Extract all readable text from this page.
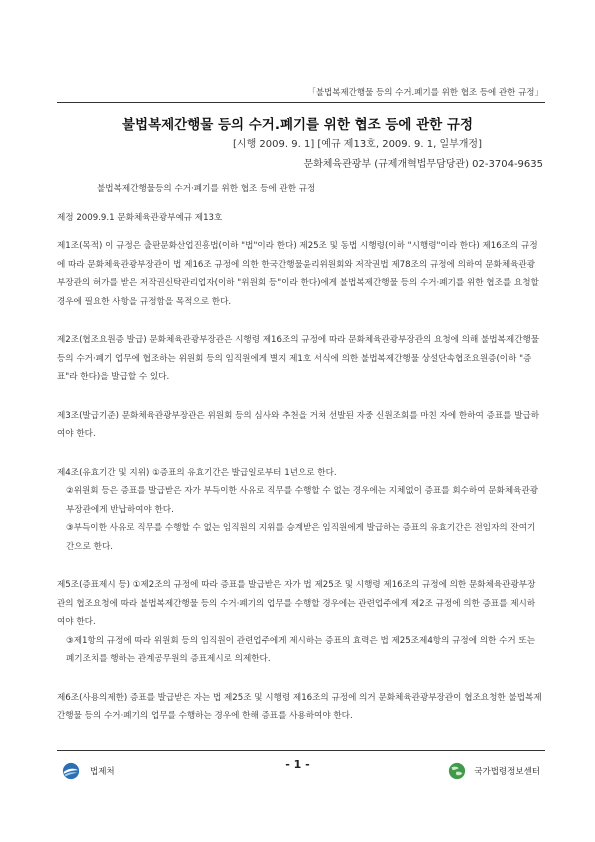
「불법복제간행물 등의 수거.폐기를 위한 협조 등에 관한 규정」
불법복제간행물 등의 수거.폐기를 위한 협조 등에 관한 규정
[시행 2009. 9. 1] [예규 제13호, 2009. 9. 1, 일부개정]
문화체육관광부 (규제개혁법무담당관) 02-3704-9635

불법복제간행물등의 수거·폐기를 위한 협조 등에 관한 규정

제정 2009.9.1 문화체육관광부예규 제13호

제1조(목적) 이 규정은 출판문화산업진흥법(이하 "법"이라 한다) 제25조 및 동법 시행령(이하 "시행령"이라 한다) 제16조의 규정에 따라 문화체육관광부장관이 법 제16조 규정에 의한 한국간행물윤리위원회와 저작권법 제78조의 규정에 의하여 문화체육관광부장관의 허가를 받은 저작권신탁관리업자(이하 "위원회 등"이라 한다)에게 불법복제간행물 등의 수거·폐기를 위한 협조를 요청할 경우에 필요한 사항을 규정함을 목적으로 한다.

제2조(협조요원증 발급) 문화체육관광부장관은 시행령 제16조의 규정에 따라 문화체육관광부장관의 요청에 의해 불법복제간행물등의 수거·폐기 업무에 협조하는 위원회 등의 임직원에게 별지 제1호 서식에 의한 불법복제간행물 상설단속협조요원증(이하 "증표"라 한다)을 발급할 수 있다.

제3조(발급기준) 문화체육관광부장관은 위원회 등의 심사와 추천을 거쳐 선발된 자중 신원조회를 마친 자에 한하여 증표를 발급하여야 한다.

제4조(유효기간 및 지위) ①증표의 유효기간은 발급일로부터 1년으로 한다.

②위원회 등은 증표를 발급받은 자가 부득이한 사유로 직무를 수행할 수 없는 경우에는 지체없이 증표를 회수하여 문화체육관광부장관에게 반납하여야 한다.

③부득이한 사유로 직무를 수행할 수 없는 임직원의 지위를 승계받은 임직원에게 발급하는 증표의 유효기간은 전임자의 잔여기간으로 한다.

제5조(증표제시 등) ①제2조의 규정에 따라 증표를 발급받은 자가 법 제25조 및 시행령 제16조의 규정에 의한 문화체육관광부장관의 협조요청에 따라 불법복제간행물 등의 수거·폐기의 업무를 수행할 경우에는 관련업주에게 제2조 규정에 의한 증표를 제시하여야 한다.

③제1항의 규정에 따라 위원회 등의 임직원이 관련업주에게 제시하는 증표의 효력은 법 제25조제4항의 규정에 의한 수거 또는 폐기조치를 행하는 관계공무원의 증표제시로 의제한다.

제6조(사용의제한) 증표를 발급받은 자는 법 제25조 및 시행령 제16조의 규정에 의거 문화체육관광부장관이 협조요청한 불법복제간행물 등의 수거·폐기의 업무를 수행하는 경우에 한해 증표를 사용하여야 한다.

법제처
- 1 -
국가법령정보센터
